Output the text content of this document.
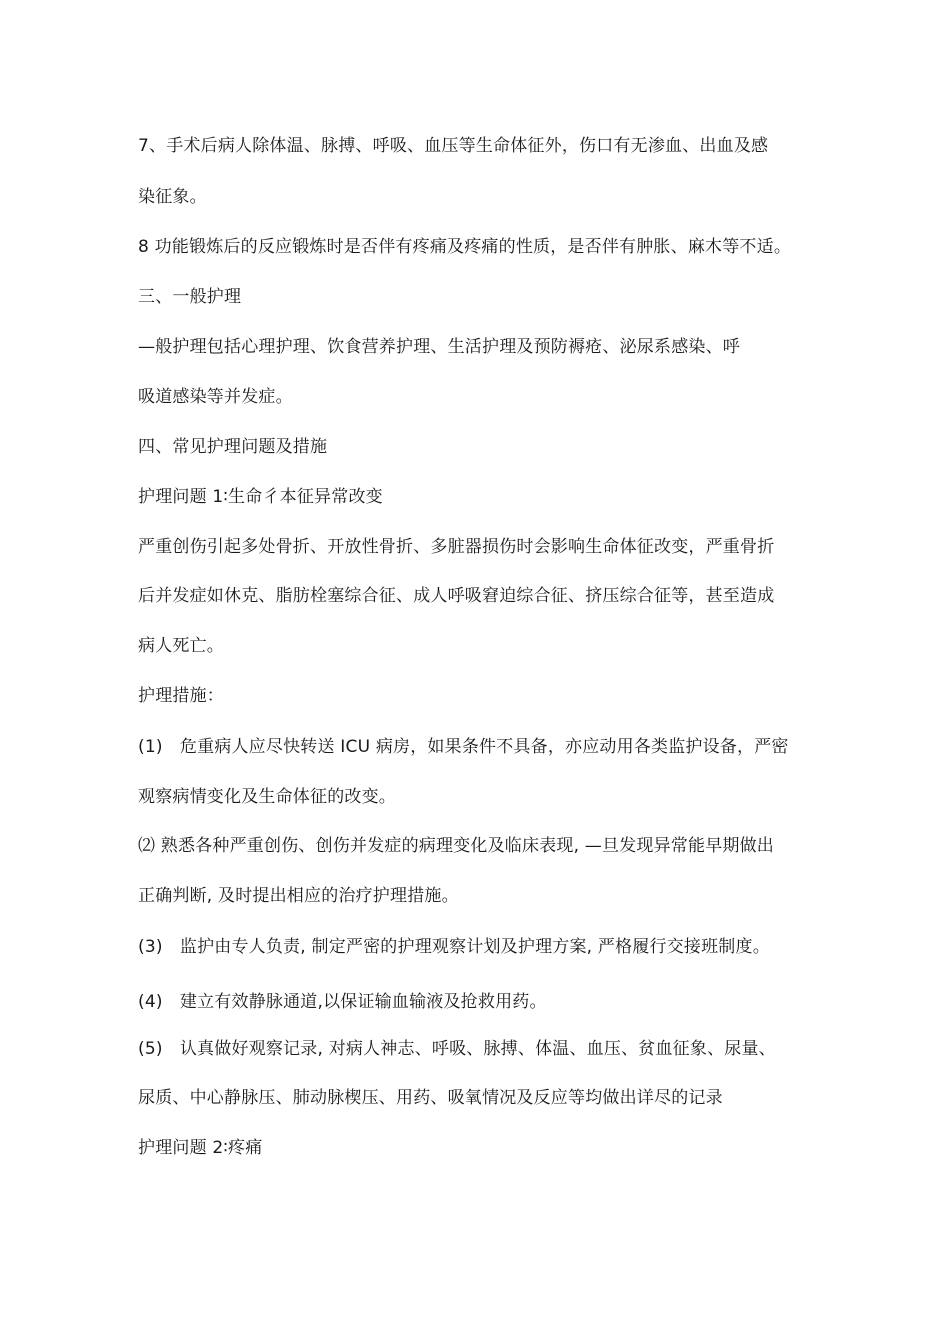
7、手术后病人除体温、脉搏、呼吸、血压等生命体征外，伤口有无渗血、出血及感
染征象。
8 功能锻炼后的反应锻炼时是否伴有疼痛及疼痛的性质，是否伴有肿胀、麻木等不适。
三、一般护理
—般护理包括心理护理、饮食营养护理、生活护理及预防褥疮、泌尿系感染、呼
吸道感染等并发症。
四、常见护理问题及措施
护理问题 1∶生命彳本征异常改变
严重创伤引起多处骨折、开放性骨折、多脏器损伤时会影响生命体征改变，严重骨折
后并发症如休克、脂肪栓塞综合征、成人呼吸窘迫综合征、挤压综合征等，甚至造成
病人死亡。
护理措施：
(1)　危重病人应尽快转送 ICU 病房，如果条件不具备，亦应动用各类监护设备，严密
观察病情变化及生命体征的改变。
⑵ 熟悉各种严重创伤、创伤并发症的病理变化及临床表现, —旦发现异常能早期做出
正确判断, 及时提出相应的治疗护理措施。
(3)　监护由专人负责, 制定严密的护理观察计划及护理方案, 严格履行交接班制度。
(4)　建立有效静脉通道,以保证输血输液及抢救用药。
(5)　认真做好观察记录, 对病人神志、呼吸、脉搏、体温、血压、贫血征象、尿量、
尿质、中心静脉压、肺动脉楔压、用药、吸氧情况及反应等均做出详尽的记录
护理问题 2∶疼痛
